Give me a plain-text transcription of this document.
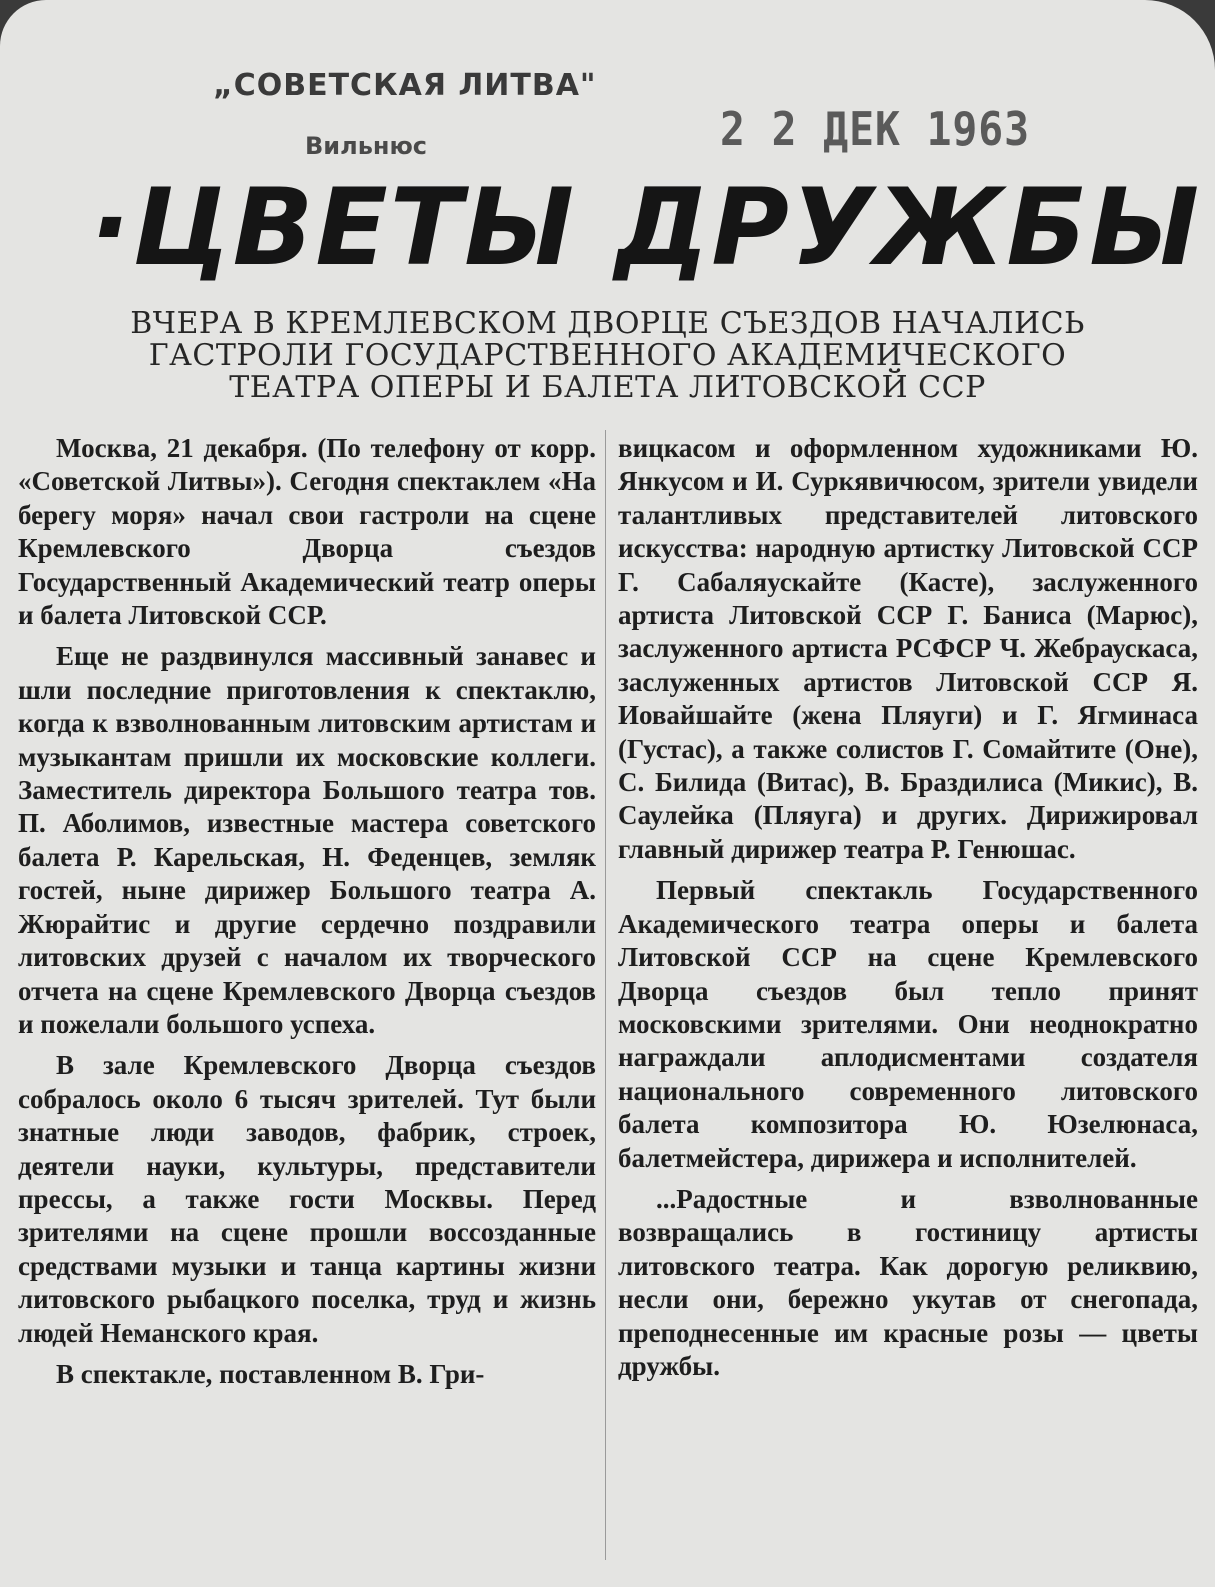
„СОВЕТСКАЯ ЛИТВА"
Вильнюс	2 2 ДЕК 1963
·ЦВЕТЫ ДРУЖБЫ
ВЧЕРА В КРЕМЛЕВСКОМ ДВОРЦЕ СЪЕЗДОВ НАЧАЛИСЬ
ГАСТРОЛИ ГОСУДАРСТВЕННОГО АКАДЕМИЧЕСКОГО
ТЕАТРА ОПЕРЫ И БАЛЕТА ЛИТОВСКОЙ ССР

Москва, 21 декабря. (По телефону от корр. «Советской Литвы»). Сегодня спектаклем «На берегу моря» начал свои гастроли на сцене Кремлевского Дворца съездов Государственный Академический театр оперы и балета Литовской ССР.

Еще не раздвинулся массивный занавес и шли последние приготовления к спектаклю, когда к взволнованным литовским артистам и музыкантам пришли их московские коллеги. Заместитель директора Большого театра тов. П. Аболимов, известные мастера советского балета Р. Карельская, Н. Феденцев, земляк гостей, ныне дирижер Большого театра А. Жюрайтис и другие сердечно поздравили литовских друзей с началом их творческого отчета на сцене Кремлевского Дворца съездов и пожелали большого успеха.

В зале Кремлевского Дворца съездов собралось около 6 тысяч зрителей. Тут были знатные люди заводов, фабрик, строек, деятели науки, культуры, представители прессы, а также гости Москвы. Перед зрителями на сцене прошли воссозданные средствами музыки и танца картины жизни литовского рыбацкого поселка, труд и жизнь людей Неманского края.

В спектакле, поставленном В. Гри-

вицкасом и оформленном художниками Ю. Янкусом и И. Суркявичюсом, зрители увидели талантливых представителей литовского искусства: народную артистку Литовской ССР Г. Сабаляускайте (Касте), заслуженного артиста Литовской ССР Г. Баниса (Марюс), заслуженного артиста РСФСР Ч. Жебраускаса, заслуженных артистов Литовской ССР Я. Иовайшайте (жена Пляуги) и Г. Ягминаса (Густас), а также солистов Г. Сомайтите (Оне), С. Билида (Витас), В. Браздилиса (Микис), В. Саулейка (Пляуга) и других. Дирижировал главный дирижер театра Р. Генюшас.

Первый спектакль Государственного Академического театра оперы и балета Литовской ССР на сцене Кремлевского Дворца съездов был тепло принят московскими зрителями. Они неоднократно награждали аплодисментами создателя национального современного литовского балета композитора Ю. Юзелюнаса, балетмейстера, дирижера и исполнителей.

...Радостные и взволнованные возвращались в гостиницу артисты литовского театра. Как дорогую реликвию, несли они, бережно укутав от снегопада, преподнесенные им красные розы — цветы дружбы.
